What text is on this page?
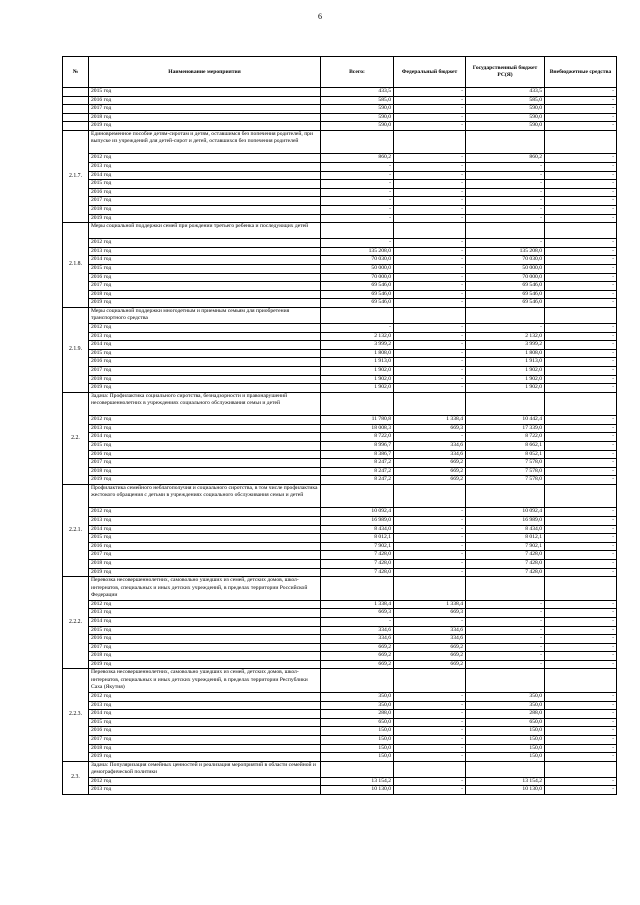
6
№	Наименование мероприятия	Всего:	Федеральный бюджет	Государственный бюджет РС(Я)	Внебюджетные средства
	2015 год	433,5	-	433,5	-
	2016 год	585,0	-	585,0	-
	2017 год	590,0	-	590,0	-
	2018 год	590,0	-	590,0	-
	2019 год	590,0	-	590,0	-
2.1.7.	Единовременное пособие детям-сиротам и детям, оставшимся без попечения родителей, при выпуске из учреждений для детей-сирот и детей, оставшихся без попечения родителей				
	2012 год	860,2	-	860,2	-
	2013 год	-	-	-	-
	2014 год	-	-	-	-
	2015 год	-	-	-	-
	2016 год	-	-	-	-
	2017 год	-	-	-	-
	2018 год	-	-	-	-
	2019 год	-	-	-	-
2.1.8.	Меры социальной поддержки семей при рождении третьего ребенка и последующих детей				
	2012 год	-	-	-	-
	2013 год	135 208,0	-	135 208,0	-
	2014 год	70 030,0	-	70 030,0	-
	2015 год	50 000,0	-	50 000,0	-
	2016 год	70 000,0	-	70 000,0	-
	2017 год	69 546,0	-	69 546,0	-
	2018 год	69 546,0	-	69 546,0	-
	2019 год	69 546,0	-	69 546,0	-
2.1.9.	Меры социальной поддержки многодетным и приемным семьям для приобретения транспортного средства				
	2012 год	-	-	-	-
	2013 год	2 132,0	-	2 132,0	-
	2014 год	3 999,2	-	3 999,2	-
	2015 год	1 808,0	-	1 808,0	-
	2016 год	1 913,0	-	1 913,0	-
	2017 год	1 902,0	-	1 902,0	-
	2018 год	1 902,0	-	1 902,0	-
	2019 год	1 902,0	-	1 902,0	-
2.2.	Задача: Профилактика социального сиротства, безнадзорности и правонарушений несовершеннолетних в учреждениях социального обслуживания семьи и детей				
	2012 год	11 780,8	1 338,4	10 442,4	-
	2013 год	18 008,3	669,3	17 339,0	-
	2014 год	8 722,0	-	8 722,0	-
	2015 год	8 996,7	334,6	8 662,1	-
	2016 год	8 386,7	334,6	8 052,1	-
	2017 год	8 247,2	669,2	7 578,0	-
	2018 год	8 247,2	669,2	7 578,0	-
	2019 год	8 247,2	669,2	7 578,0	-
2.2.1.	Профилактика семейного неблагополучия и социального сиротства, в том числе профилактика жестокого обращения с детьми в учреждениях социального обслуживания семьи и детей				
	2012 год	10 092,4	-	10 092,4	-
	2013 год	16 989,0	-	16 989,0	-
	2014 год	8 434,0	-	8 434,0	-
	2015 год	8 012,1	-	8 012,1	-
	2016 год	7 902,1	-	7 902,1	-
	2017 год	7 428,0	-	7 428,0	-
	2018 год	7 428,0	-	7 428,0	-
	2019 год	7 428,0	-	7 428,0	-
2.2.2.	Перевозка несовершеннолетних, самовольно ушедших из семей, детских домов, школ-интернатов, специальных и иных детских учреждений, в пределах территории Российской Федерации				
	2012 год	1 338,4	1 338,4	-	-
	2013 год	669,3	669,3	-	-
	2014 год	-	-	-	-
	2015 год	334,6	334,6	-	-
	2016 год	334,6	334,6	-	-
	2017 год	669,2	669,2	-	-
	2018 год	669,2	669,2	-	-
	2019 год	669,2	669,2	-	-
2.2.3.	Перевозка несовершеннолетних, самовольно ушедших из семей, детских домов, школ-интернатов, специальных и иных детских учреждений, в пределах территории Республики Саха (Якутия)				
	2012 год	350,0	-	350,0	-
	2013 год	350,0	-	350,0	-
	2014 год	288,0	-	288,0	-
	2015 год	650,0	-	650,0	-
	2016 год	150,0	-	150,0	-
	2017 год	150,0	-	150,0	-
	2018 год	150,0	-	150,0	-
	2019 год	150,0	-	150,0	-
2.3.	Задача: Популяризация семейных ценностей и реализация мероприятий в области семейной и демографической политики				
	2012 год	13 154,2	-	13 154,2	-
	2013 год	10 130,0	-	10 130,0	-
